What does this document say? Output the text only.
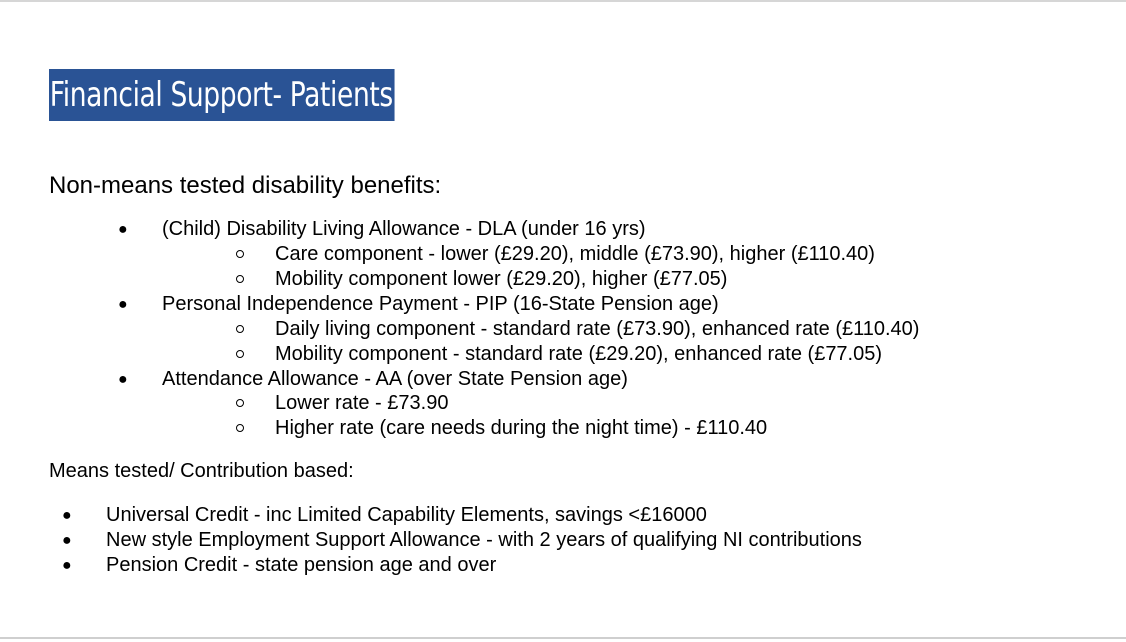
Financial Support- Patients
Non-means tested disability benefits:
● (Child) Disability Living Allowance - DLA (under 16 yrs)
Care component - lower (£29.20), middle (£73.90), higher (£110.40)
Mobility component lower (£29.20), higher (£77.05)
● Personal Independence Payment - PIP (16-State Pension age)
Daily living component - standard rate (£73.90), enhanced rate (£110.40)
Mobility component - standard rate (£29.20), enhanced rate (£77.05)
● Attendance Allowance - AA (over State Pension age)
Lower rate - £73.90
Higher rate (care needs during the night time) - £110.40
Means tested/ Contribution based:
● Universal Credit - inc Limited Capability Elements, savings <£16000
● New style Employment Support Allowance - with 2 years of qualifying NI contributions
● Pension Credit - state pension age and over
